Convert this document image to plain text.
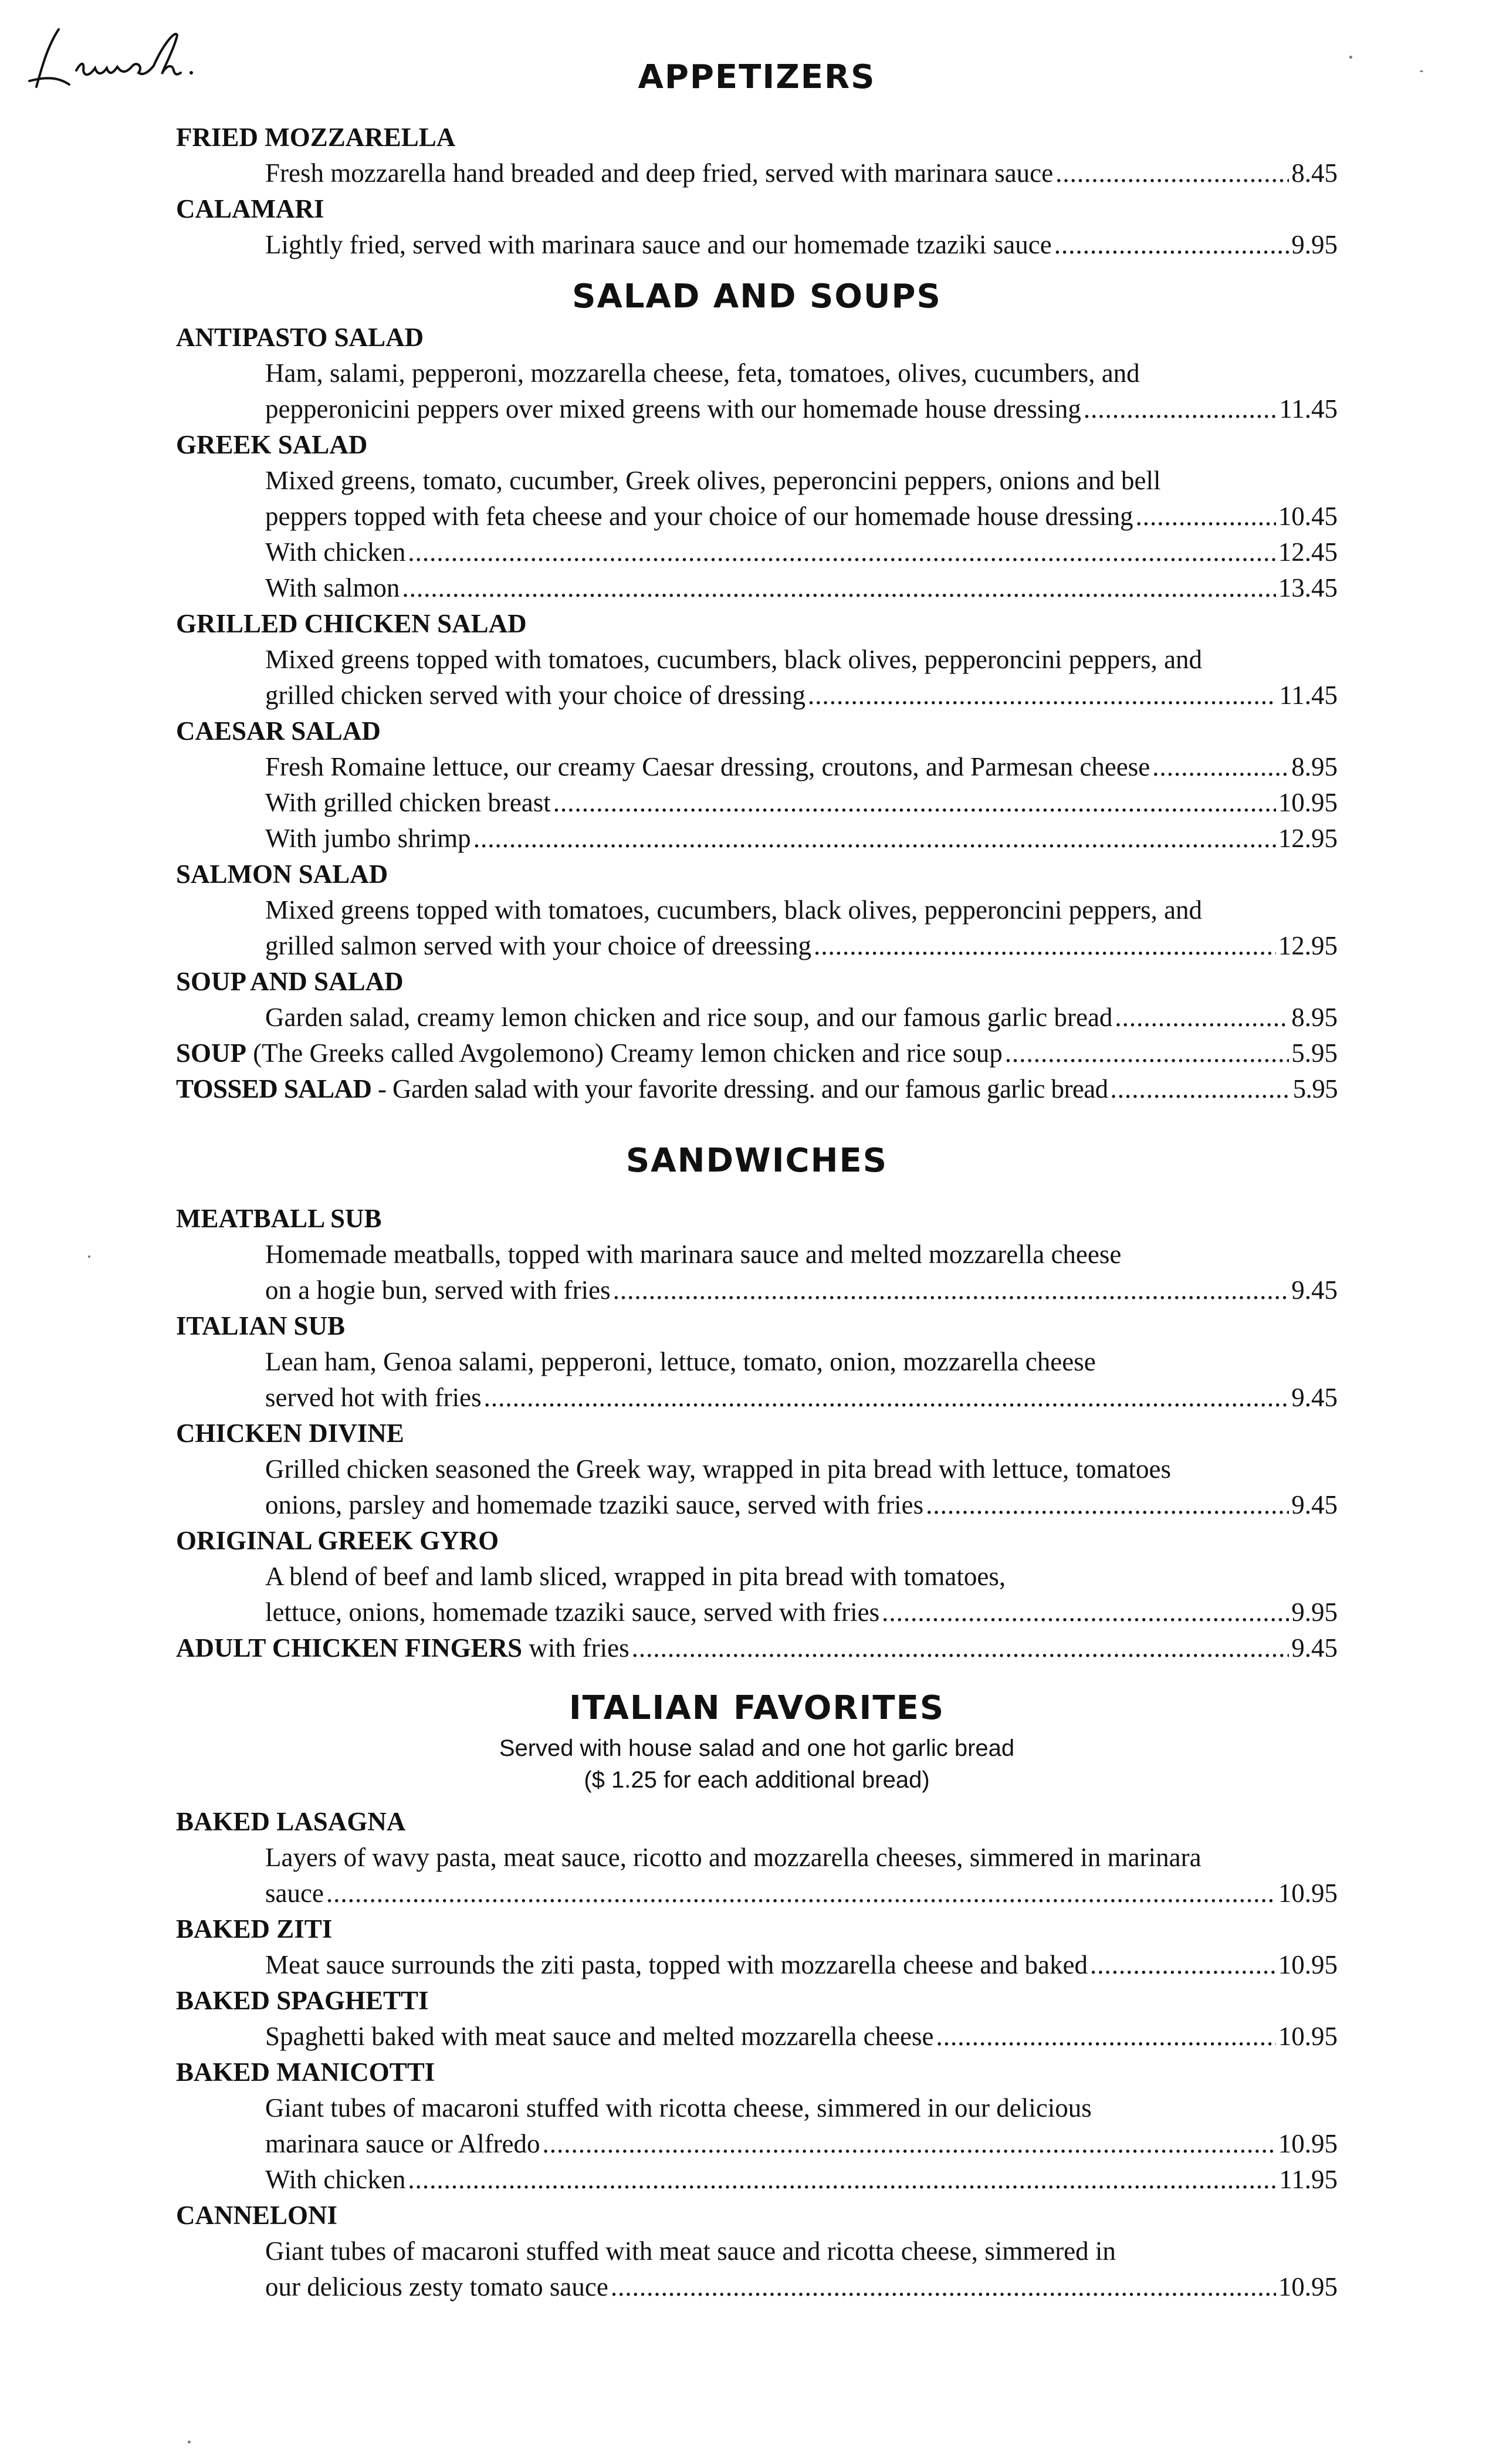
APPETIZERS
FRIED MOZZARELLA
Fresh mozzarella hand breaded and deep fried, served with marinara sauce .....	8.45
CALAMARI
Lightly fried, served with marinara sauce and our homemade tzaziki sauce .....	9.95
SALAD AND SOUPS
ANTIPASTO SALAD
Ham, salami, pepperoni, mozzarella cheese, feta, tomatoes, olives, cucumbers, and
pepperonicini peppers over mixed greens with our homemade house dressing .....	11.45
GREEK SALAD
Mixed greens, tomato, cucumber, Greek olives, peperoncini peppers, onions and bell
peppers topped with feta cheese and your choice of our homemade house dressing .....	10.45
With chicken .....	12.45
With salmon .....	13.45
GRILLED CHICKEN SALAD
Mixed greens topped with tomatoes, cucumbers, black olives, pepperoncini peppers, and
grilled chicken served with your choice of dressing .....	11.45
CAESAR SALAD
Fresh Romaine lettuce, our creamy Caesar dressing, croutons, and Parmesan cheese .....	8.95
With grilled chicken breast .....	10.95
With jumbo shrimp .....	12.95
SALMON SALAD
Mixed greens topped with tomatoes, cucumbers, black olives, pepperoncini peppers, and
grilled salmon served with your choice of dreessing .....	12.95
SOUP AND SALAD
Garden salad, creamy lemon chicken and rice soup, and our famous garlic bread .....	8.95
SOUP (The Greeks called Avgolemono) Creamy lemon chicken and rice soup .....	5.95
TOSSED SALAD - Garden salad with your favorite dressing. and our famous garlic bread .....	5.95
SANDWICHES
MEATBALL SUB
Homemade meatballs, topped with marinara sauce and melted mozzarella cheese
on a hogie bun, served with fries .....	9.45
ITALIAN SUB
Lean ham, Genoa salami, pepperoni, lettuce, tomato, onion, mozzarella cheese
served hot with fries .....	9.45
CHICKEN DIVINE
Grilled chicken seasoned the Greek way, wrapped in pita bread with lettuce, tomatoes
onions, parsley and homemade tzaziki sauce, served with fries .....	9.45
ORIGINAL GREEK GYRO
A blend of beef and lamb sliced, wrapped in pita bread with tomatoes,
lettuce, onions, homemade tzaziki sauce, served with fries .....	9.95
ADULT CHICKEN FINGERS with fries .....	9.45
ITALIAN FAVORITES
Served with house salad and one hot garlic bread
($ 1.25 for each additional bread)
BAKED LASAGNA
Layers of wavy pasta, meat sauce, ricotto and mozzarella cheeses, simmered in marinara
sauce .....	10.95
BAKED ZITI
Meat sauce surrounds the ziti pasta, topped with mozzarella cheese and baked .....	10.95
BAKED SPAGHETTI
Spaghetti baked with meat sauce and melted mozzarella cheese .....	10.95
BAKED MANICOTTI
Giant tubes of macaroni stuffed with ricotta cheese, simmered in our delicious
marinara sauce or Alfredo .....	10.95
With chicken .....	11.95
CANNELONI
Giant tubes of macaroni stuffed with meat sauce and ricotta cheese, simmered in
our delicious zesty tomato sauce .....	10.95
